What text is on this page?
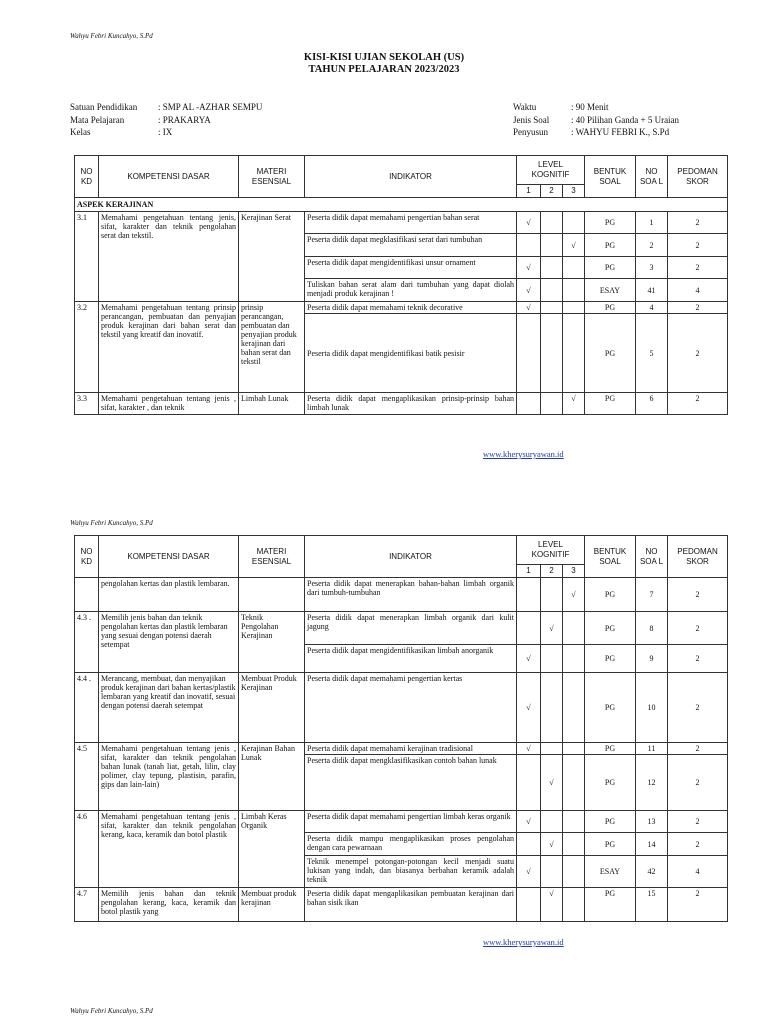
Wahyu Febri Kuncahyo, S.Pd
KISI-KISI UJIAN SEKOLAH (US)
TAHUN PELAJARAN 2023/2023
Satuan Pendidikan : SMP AL -AZHAR SEMPU
Mata Pelajaran	: PRAKARYA
Kelas	: IX
Waktu	: 90 Menit
Jenis Soal : 40 Pilihan Ganda + 5 Uraian
Penyusun	: WAHYU FEBRI K., S.Pd
NO KD	KOMPETENSI DASAR	MATERI ESENSIAL	INDIKATOR	LEVEL KOGNITIF			BENTUK SOAL	NO SOA L	PEDOMAN SKOR
				1	2	3			
ASPEK KERAJINAN									
3.1	Memahami pengetahuan tentang jenis, sifat, karakter dan teknik pengolahan serat dan tekstil.	Kerajinan Serat	Peserta didik dapat memahami pengertian bahan serat	√			PG	1	2
			Peserta didik dapat megklasifikasi serat dari tumbuhan			√	PG	2	2
			Peserta didik dapat mengidentifikasi unsur ornament	√			PG	3	2
			Tuliskan bahan serat alam dari tumbuhan yang dapat diolah menjadi produk kerajinan !	√			ESAY	41	4
3.2	Memahami pengetahuan tentang prinsip perancangan, pembuatan dan penyajian produk kerajinan dari bahan serat dan tekstil yang kreatif dan inovatif.	prinsip perancangan, pembuatan dan penyajian produk kerajinan dari bahan serat dan tekstil	Peserta didik dapat memahami teknik decorative	√			PG	4	2
			Peserta didik dapat mengidentifikasi batik pesisir				PG	5	2
3.3	Memahami pengetahuan tentang jenis , sifat, karakter , dan teknik	Limbah Lunak	Peserta didik dapat mengaplikasikan prinsip-prinsip bahan limbah lunak			√	PG	6	2
www.kherysuryawan.id
Wahyu Febri Kuncahyo, S.Pd
NO KD	KOMPETENSI DASAR	MATERI ESENSIAL	INDIKATOR	LEVEL KOGNITIF			BENTUK SOAL	NO SOA L	PEDOMAN SKOR
				1	2	3			
	pengolahan kertas dan plastik lembaran.		Peserta didik dapat menerapkan bahan-bahan limbah organik dari tumbuh-tumbuhan			√	PG	7	2
4.3 .	Memilih jenis bahan dan teknik pengolahan kertas dan plastik lembaran yang sesuai dengan potensi daerah setempat	Teknik Pengolahan Kerajinan	Peserta didik dapat menerapkan limbah organik dari kulit jagung		√		PG	8	2
			Peserta didik dapat mengidentifikasikan limbah anorganik	√			PG	9	2
4.4 .	Merancang, membuat, dan menyajikan produk kerajinan dari bahan kertas/plastik lembaran yang kreatif dan inovatif, sesuai dengan potensi daerah setempat	Membuat Produk Kerajinan	Peserta didik dapat memahami pengertian kertas	√			PG	10	2
4.5	Memahami pengetahuan tentang jenis , sifat, karakter dan teknik pengolahan bahan lunak (tanah liat, getah, lilin, clay polimer, clay tepung, plastisin, parafin, gips dan lain-lain)	Kerajinan Bahan Lunak	Peserta didik dapat memahami kerajinan tradisional	√			PG	11	2
			Peserta didik dapat mengklasifikasikan contoh bahan lunak		√		PG	12	2
4.6	Memahami pengetahuan tentang jenis , sifat, karakter dan teknik pengolahan kerang, kaca, keramik dan botol plastik	Limbah Keras Organik	Peserta didik dapat memahami pengertian limbah keras organik	√			PG	13	2
			Peserta didik mampu mengaplikasikan proses pengolahan dengan cara pewarnaan		√		PG	14	2
			Teknik menempel potongan-potongan kecil menjadi suatu lukisan yang indah, dan biasanya berbahan keramik adalah teknik	√			ESAY	42	4
4.7	Memilih jenis bahan dan teknik pengolahan kerang, kaca, keramik dan botol plastik yang	Membuat produk kerajinan	Peserta didik dapat mengaplikasikan pembuatan kerajinan dari bahan sisik ikan		√		PG	15	2
www.kherysuryawan.id
Wahyu Febri Kuncahyo, S.Pd
